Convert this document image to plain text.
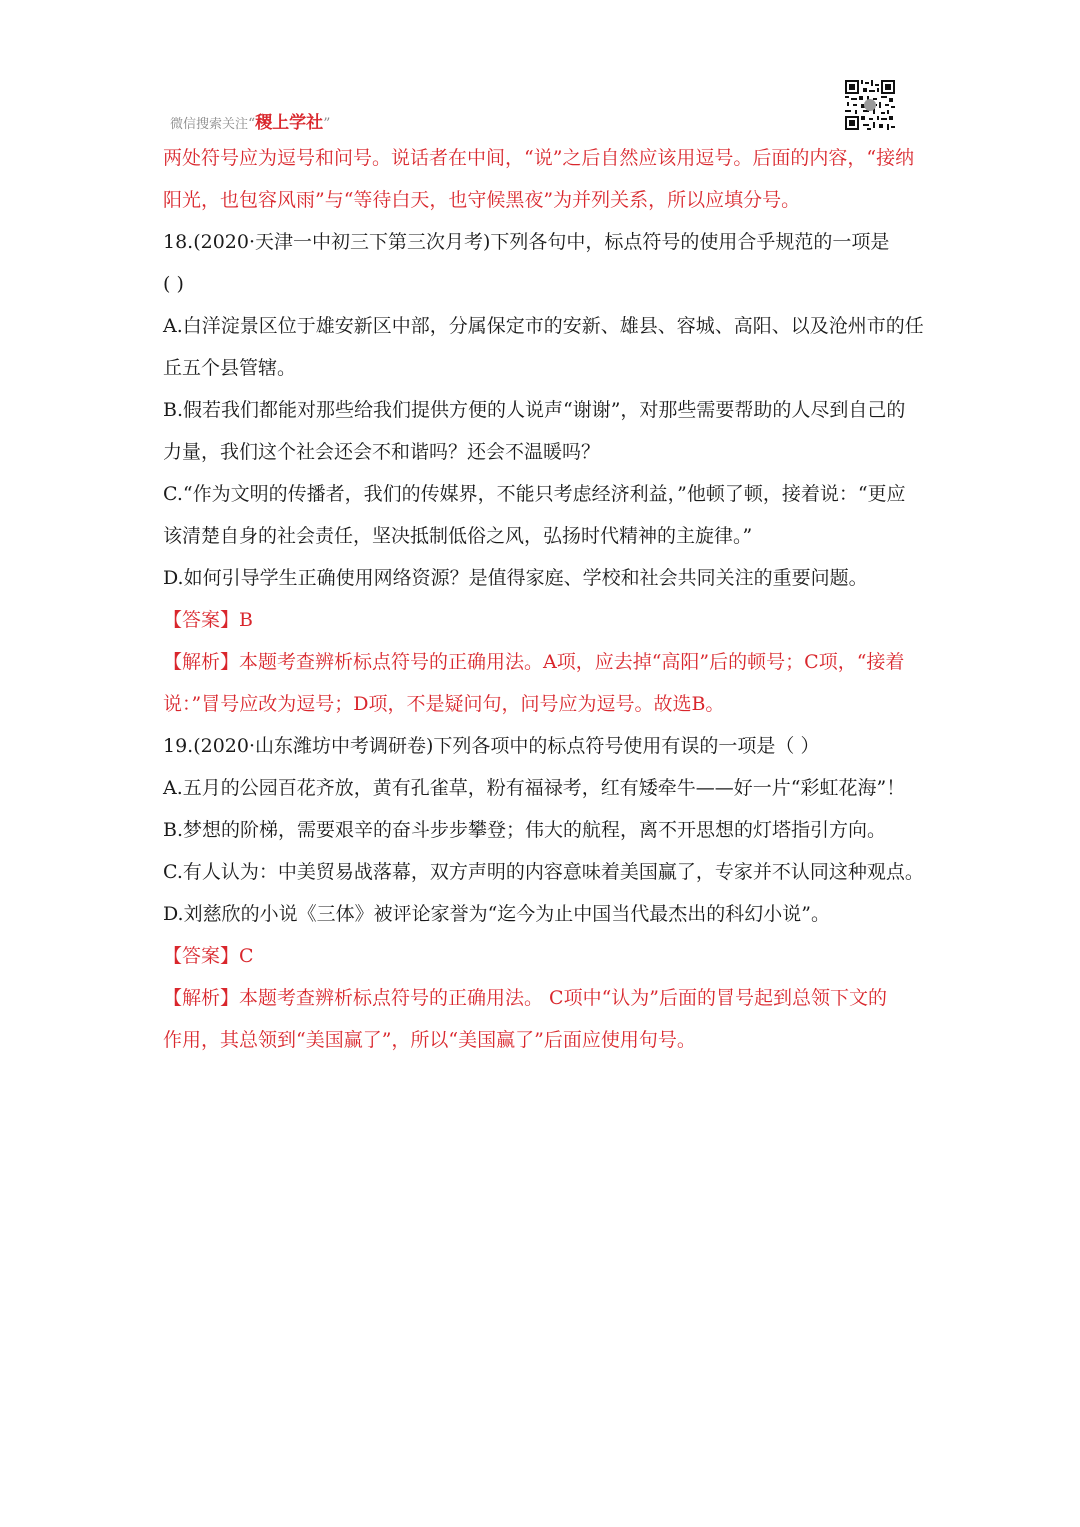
微信搜索关注“稷上学社”
两处符号应为逗号和问号。说话者在中间，“说”之后自然应该用逗号。后面的内容，“接纳
阳光，也包容风雨”与“等待白天，也守候黑夜”为并列关系，所以应填分号。
18.(2020·天津一中初三下第三次月考)下列各句中，标点符号的使用合乎规范的一项是
( )
A.白洋淀景区位于雄安新区中部，分属保定市的安新、雄县、容城、高阳、以及沧州市的任
丘五个县管辖。
B.假若我们都能对那些给我们提供方便的人说声“谢谢”，对那些需要帮助的人尽到自己的
力量，我们这个社会还会不和谐吗？还会不温暖吗？
C.“作为文明的传播者，我们的传媒界，不能只考虑经济利益，”他顿了顿，接着说：“更应
该清楚自身的社会责任，坚决抵制低俗之风，弘扬时代精神的主旋律。”
D.如何引导学生正确使用网络资源？是值得家庭、学校和社会共同关注的重要问题。
【答案】B
【解析】本题考查辨析标点符号的正确用法。A项，应去掉“高阳”后的顿号；C项，“接着
说：”冒号应改为逗号；D项，不是疑问句，问号应为逗号。故选B。
19.(2020·山东潍坊中考调研卷)下列各项中的标点符号使用有误的一项是（ ）
A.五月的公园百花齐放，黄有孔雀草，粉有福禄考，红有矮牵牛——好一片“彩虹花海”！
B.梦想的阶梯，需要艰辛的奋斗步步攀登；伟大的航程，离不开思想的灯塔指引方向。
C.有人认为：中美贸易战落幕，双方声明的内容意味着美国赢了，专家并不认同这种观点。
D.刘慈欣的小说《三体》被评论家誉为“迄今为止中国当代最杰出的科幻小说”。
【答案】C
【解析】本题考查辨析标点符号的正确用法。 C项中“认为”后面的冒号起到总领下文的
作用，其总领到“美国赢了”，所以“美国赢了”后面应使用句号。
